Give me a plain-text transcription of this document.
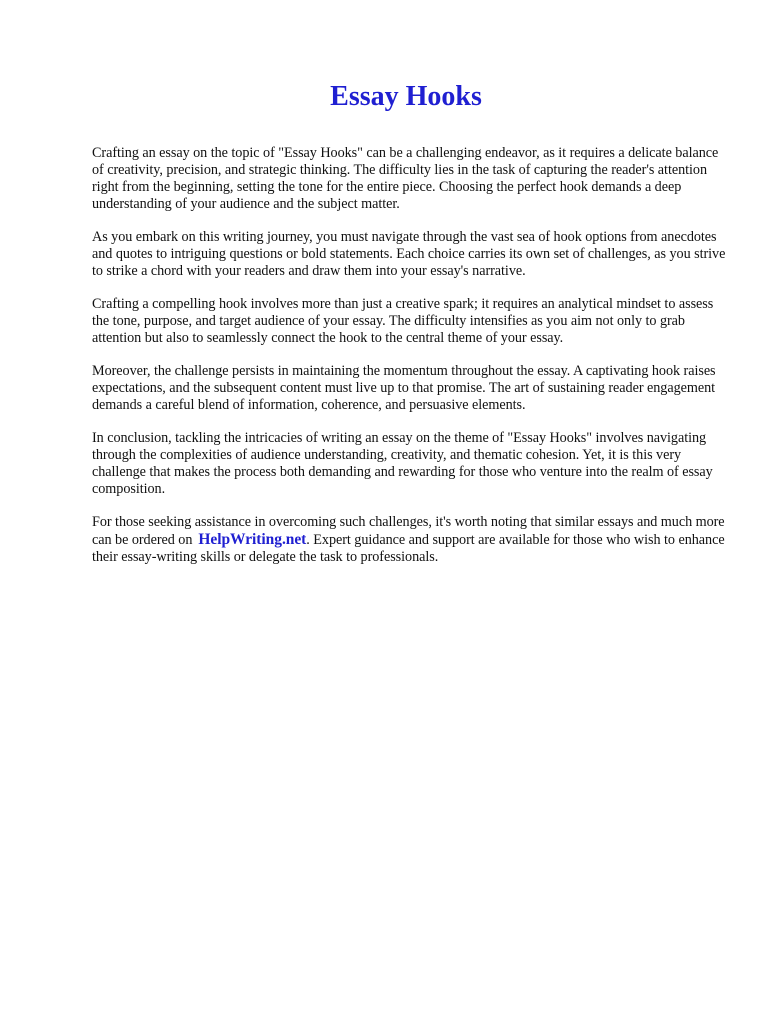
Essay Hooks

Crafting an essay on the topic of "Essay Hooks" can be a challenging endeavor, as it requires a delicate balance of creativity, precision, and strategic thinking. The difficulty lies in the task of capturing the reader's attention right from the beginning, setting the tone for the entire piece. Choosing the perfect hook demands a deep understanding of your audience and the subject matter.

As you embark on this writing journey, you must navigate through the vast sea of hook options from anecdotes and quotes to intriguing questions or bold statements. Each choice carries its own set of challenges, as you strive to strike a chord with your readers and draw them into your essay's narrative.

Crafting a compelling hook involves more than just a creative spark; it requires an analytical mindset to assess the tone, purpose, and target audience of your essay. The difficulty intensifies as you aim not only to grab attention but also to seamlessly connect the hook to the central theme of your essay.

Moreover, the challenge persists in maintaining the momentum throughout the essay. A captivating hook raises expectations, and the subsequent content must live up to that promise. The art of sustaining reader engagement demands a careful blend of information, coherence, and persuasive elements.

In conclusion, tackling the intricacies of writing an essay on the theme of "Essay Hooks" involves navigating through the complexities of audience understanding, creativity, and thematic cohesion. Yet, it is this very challenge that makes the process both demanding and rewarding for those who venture into the realm of essay composition.

For those seeking assistance in overcoming such challenges, it's worth noting that similar essays and much more can be ordered on HelpWriting.net. Expert guidance and support are available for those who wish to enhance their essay-writing skills or delegate the task to professionals.
